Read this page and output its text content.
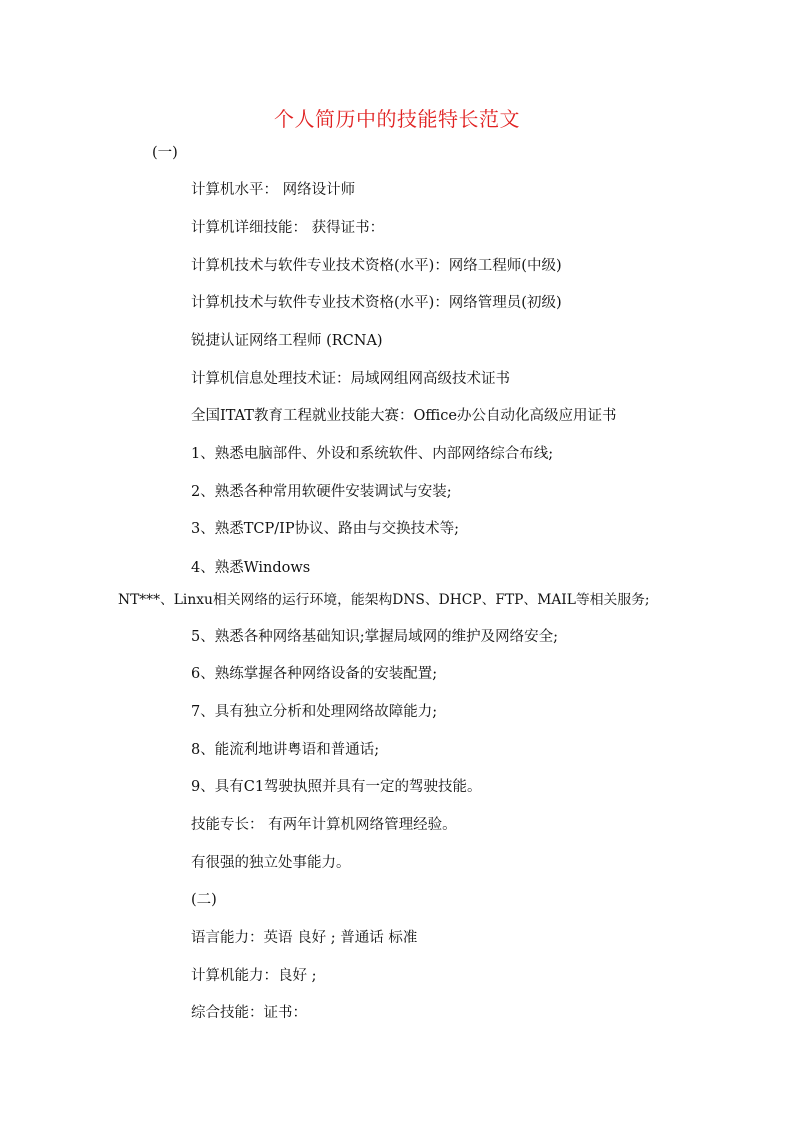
个人简历中的技能特长范文

(一)

计算机水平： 网络设计师

计算机详细技能： 获得证书：

计算机技术与软件专业技术资格(水平)：网络工程师(中级)

计算机技术与软件专业技术资格(水平)：网络管理员(初级)

锐捷认证网络工程师 (RCNA)

计算机信息处理技术证：局域网组网高级技术证书

全国ITAT教育工程就业技能大赛：Office办公自动化高级应用证书

1、熟悉电脑部件、外设和系统软件、内部网络综合布线;

2、熟悉各种常用软硬件安装调试与安装;

3、熟悉TCP/IP协议、路由与交换技术等;

4、熟悉Windows

NT***、Linxu相关网络的运行环境，能架构DNS、DHCP、FTP、MAIL等相关服务;

5、熟悉各种网络基础知识;掌握局域网的维护及网络安全;

6、熟练掌握各种网络设备的安装配置;

7、具有独立分析和处理网络故障能力;

8、能流利地讲粤语和普通话;

9、具有C1驾驶执照并具有一定的驾驶技能。

技能专长： 有两年计算机网络管理经验。

有很强的独立处事能力。

(二)

语言能力：英语 良好 ; 普通话 标准

计算机能力：良好 ;

综合技能：证书：
